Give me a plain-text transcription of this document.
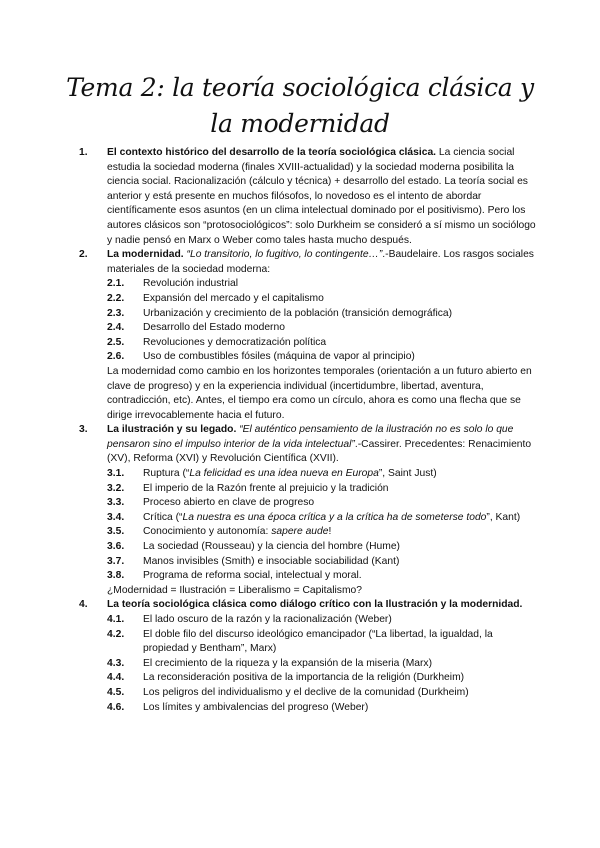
Tema 2: la teoría sociológica clásica y la modernidad
1. El contexto histórico del desarrollo de la teoría sociológica clásica. La ciencia social estudia la sociedad moderna (finales XVIII-actualidad) y la sociedad moderna posibilita la ciencia social. Racionalización (cálculo y técnica) + desarrollo del estado. La teoría social es anterior y está presente en muchos filósofos, lo novedoso es el intento de abordar científicamente esos asuntos (en un clima intelectual dominado por el positivismo). Pero los autores clásicos son “protosociológicos”: solo Durkheim se consideró a sí mismo un sociólogo y nadie pensó en Marx o Weber como tales hasta mucho después.

2. La modernidad. “Lo transitorio, lo fugitivo, lo contingente…”.-Baudelaire. Los rasgos sociales materiales de la sociedad moderna:

2.1. Revolución industrial
2.2. Expansión del mercado y el capitalismo
2.3. Urbanización y crecimiento de la población (transición demográfica)
2.4. Desarrollo del Estado moderno
2.5. Revoluciones y democratización política
2.6. Uso de combustibles fósiles (máquina de vapor al principio)

La modernidad como cambio en los horizontes temporales (orientación a un futuro abierto en clave de progreso) y en la experiencia individual (incertidumbre, libertad, aventura, contradicción, etc). Antes, el tiempo era como un círculo, ahora es como una flecha que se dirige irrevocablemente hacia el futuro.

3. La ilustración y su legado. “El auténtico pensamiento de la ilustración no es solo lo que pensaron sino el impulso interior de la vida intelectual”.-Cassirer. Precedentes: Renacimiento (XV), Reforma (XVI) y Revolución Científica (XVII).

3.1. Ruptura (“La felicidad es una idea nueva en Europa”, Saint Just)
3.2. El imperio de la Razón frente al prejuicio y la tradición
3.3. Proceso abierto en clave de progreso
3.4. Crítica (“La nuestra es una época crítica y a la crítica ha de someterse todo”, Kant)
3.5. Conocimiento y autonomía: sapere aude!
3.6. La sociedad (Rousseau) y la ciencia del hombre (Hume)
3.7. Manos invisibles (Smith) e insociable sociabilidad (Kant)
3.8. Programa de reforma social, intelectual y moral.

¿Modernidad = Ilustración = Liberalismo = Capitalismo?

4. La teoría sociológica clásica como diálogo crítico con la Ilustración y la modernidad.

4.1. El lado oscuro de la razón y la racionalización (Weber)
4.2. El doble filo del discurso ideológico emancipador (“La libertad, la igualdad, la propiedad y Bentham”, Marx)
4.3. El crecimiento de la riqueza y la expansión de la miseria (Marx)
4.4. La reconsideración positiva de la importancia de la religión (Durkheim)
4.5. Los peligros del individualismo y el declive de la comunidad (Durkheim)
4.6. Los límites y ambivalencias del progreso (Weber)
